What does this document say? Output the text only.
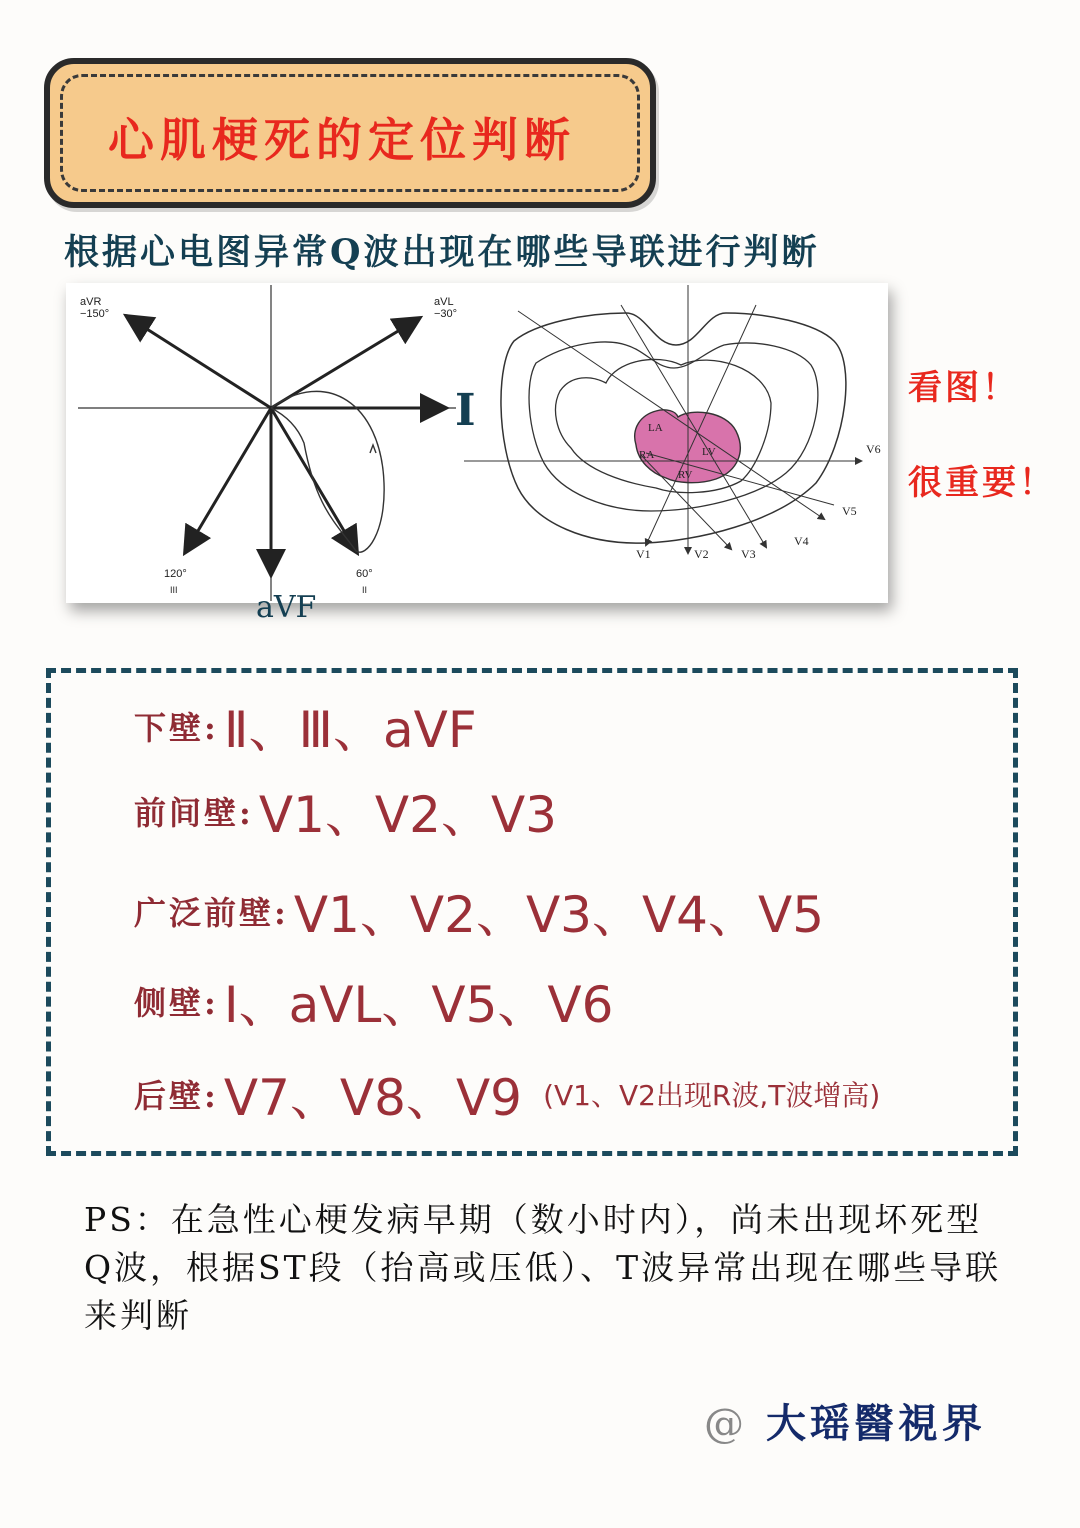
心肌梗死的定位判断
根据心电图异常Q波出现在哪些导联进行判断
aVR
−150°
aVL
−30°
120°
III
60°
II
LA
RA	LV
RV
V1	V2	V3
V4
V5
V6
I
aVF
看图！
很重要！
下壁: Ⅱ、Ⅲ、aVF
前间壁: V1、V2、V3
广泛前壁: V1、V2、V3、V4、V5
侧壁: Ⅰ、aVL、V5、V6
后壁: V7、V8、V9 (V1、V2出现R波,T波增高)
PS：在急性心梗发病早期（数小时内），尚未出现坏死型Q波，根据ST段（抬高或压低）、T波异常出现在哪些导联来判断
@ 大瑶醫視界
